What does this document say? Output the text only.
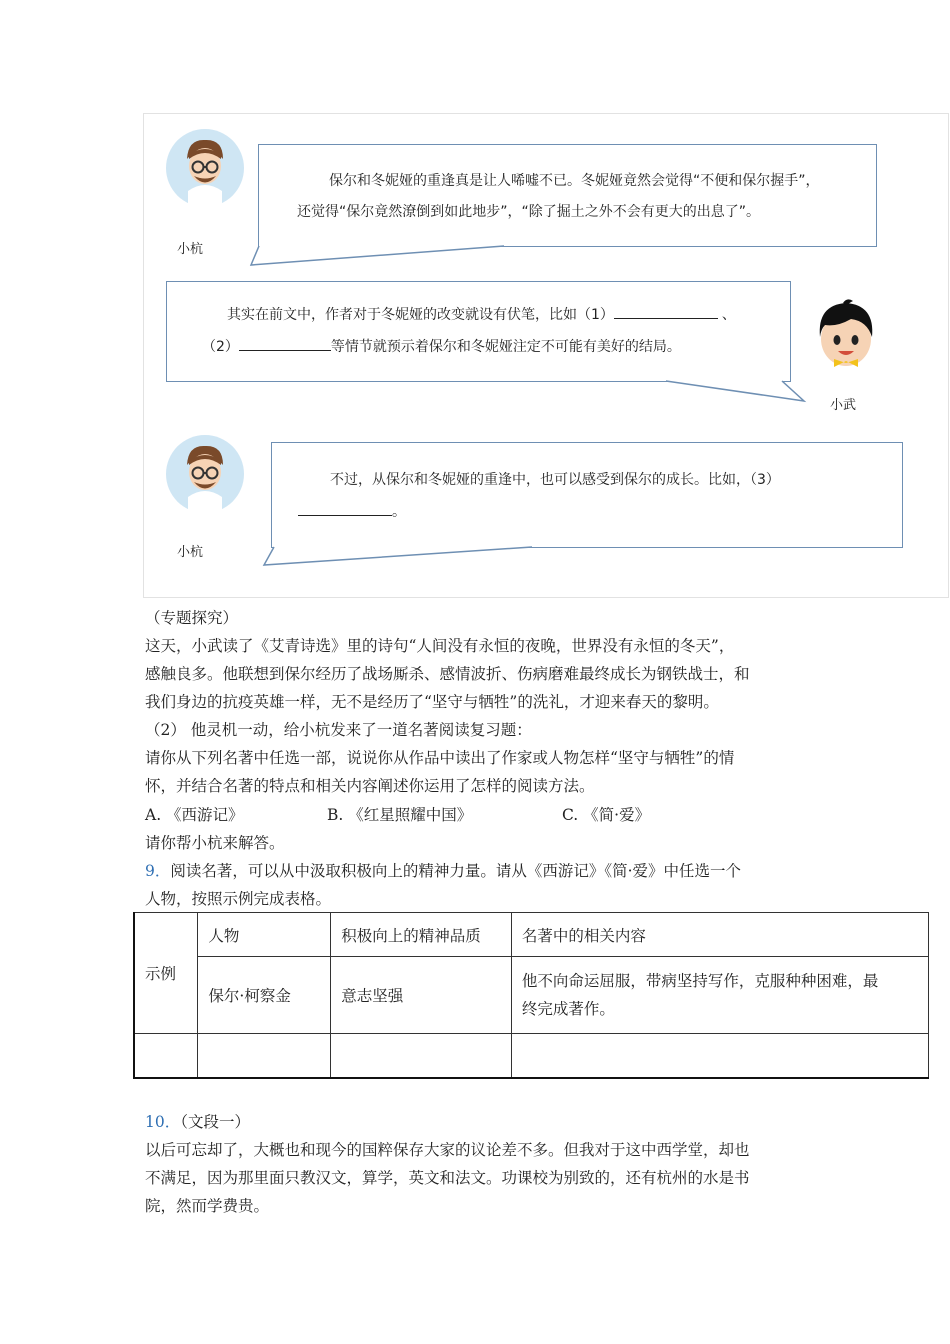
小杭
保尔和冬妮娅的重逢真是让人唏嘘不已。冬妮娅竟然会觉得“不便和保尔握手”，
还觉得“保尔竟然潦倒到如此地步”，“除了掘土之外不会有更大的出息了”。
其实在前文中，作者对于冬妮娅的改变就设有伏笔，比如（1）	、
（2）	等情节就预示着保尔和冬妮娅注定不可能有美好的结局。
小武
小杭
不过，从保尔和冬妮娅的重逢中，也可以感受到保尔的成长。比如，（3）
。
（专题探究）
这天，小武读了《艾青诗选》里的诗句“人间没有永恒的夜晚，世界没有永恒的冬天”，
感触良多。他联想到保尔经历了战场厮杀、感情波折、伤病磨难最终成长为钢铁战士，和
我们身边的抗疫英雄一样，无不是经历了“坚守与牺牲”的洗礼，才迎来春天的黎明。
（2） 他灵机一动，给小杭发来了一道名著阅读复习题：
请你从下列名著中任选一部，说说你从作品中读出了作家或人物怎样“坚守与牺牲”的情
怀，并结合名著的特点和相关内容阐述你运用了怎样的阅读方法。
A. 《西游记》	B. 《红星照耀中国》	C. 《简·爱》
请你帮小杭来解答。
9．阅读名著，可以从中汲取积极向上的精神力量。请从《西游记》《简·爱》中任选一个
人物，按照示例完成表格。
示例	人物	积极向上的精神品质	名著中的相关内容
	保尔·柯察金	意志坚强	他不向命运屈服，带病坚持写作，克服种种困难，最
终完成著作。

10．（文段一）
以后可忘却了，大概也和现今的国粹保存大家的议论差不多。但我对于这中西学堂，却也
不满足，因为那里面只教汉文，算学，英文和法文。功课校为别致的，还有杭州的水是书
院，然而学费贵。
